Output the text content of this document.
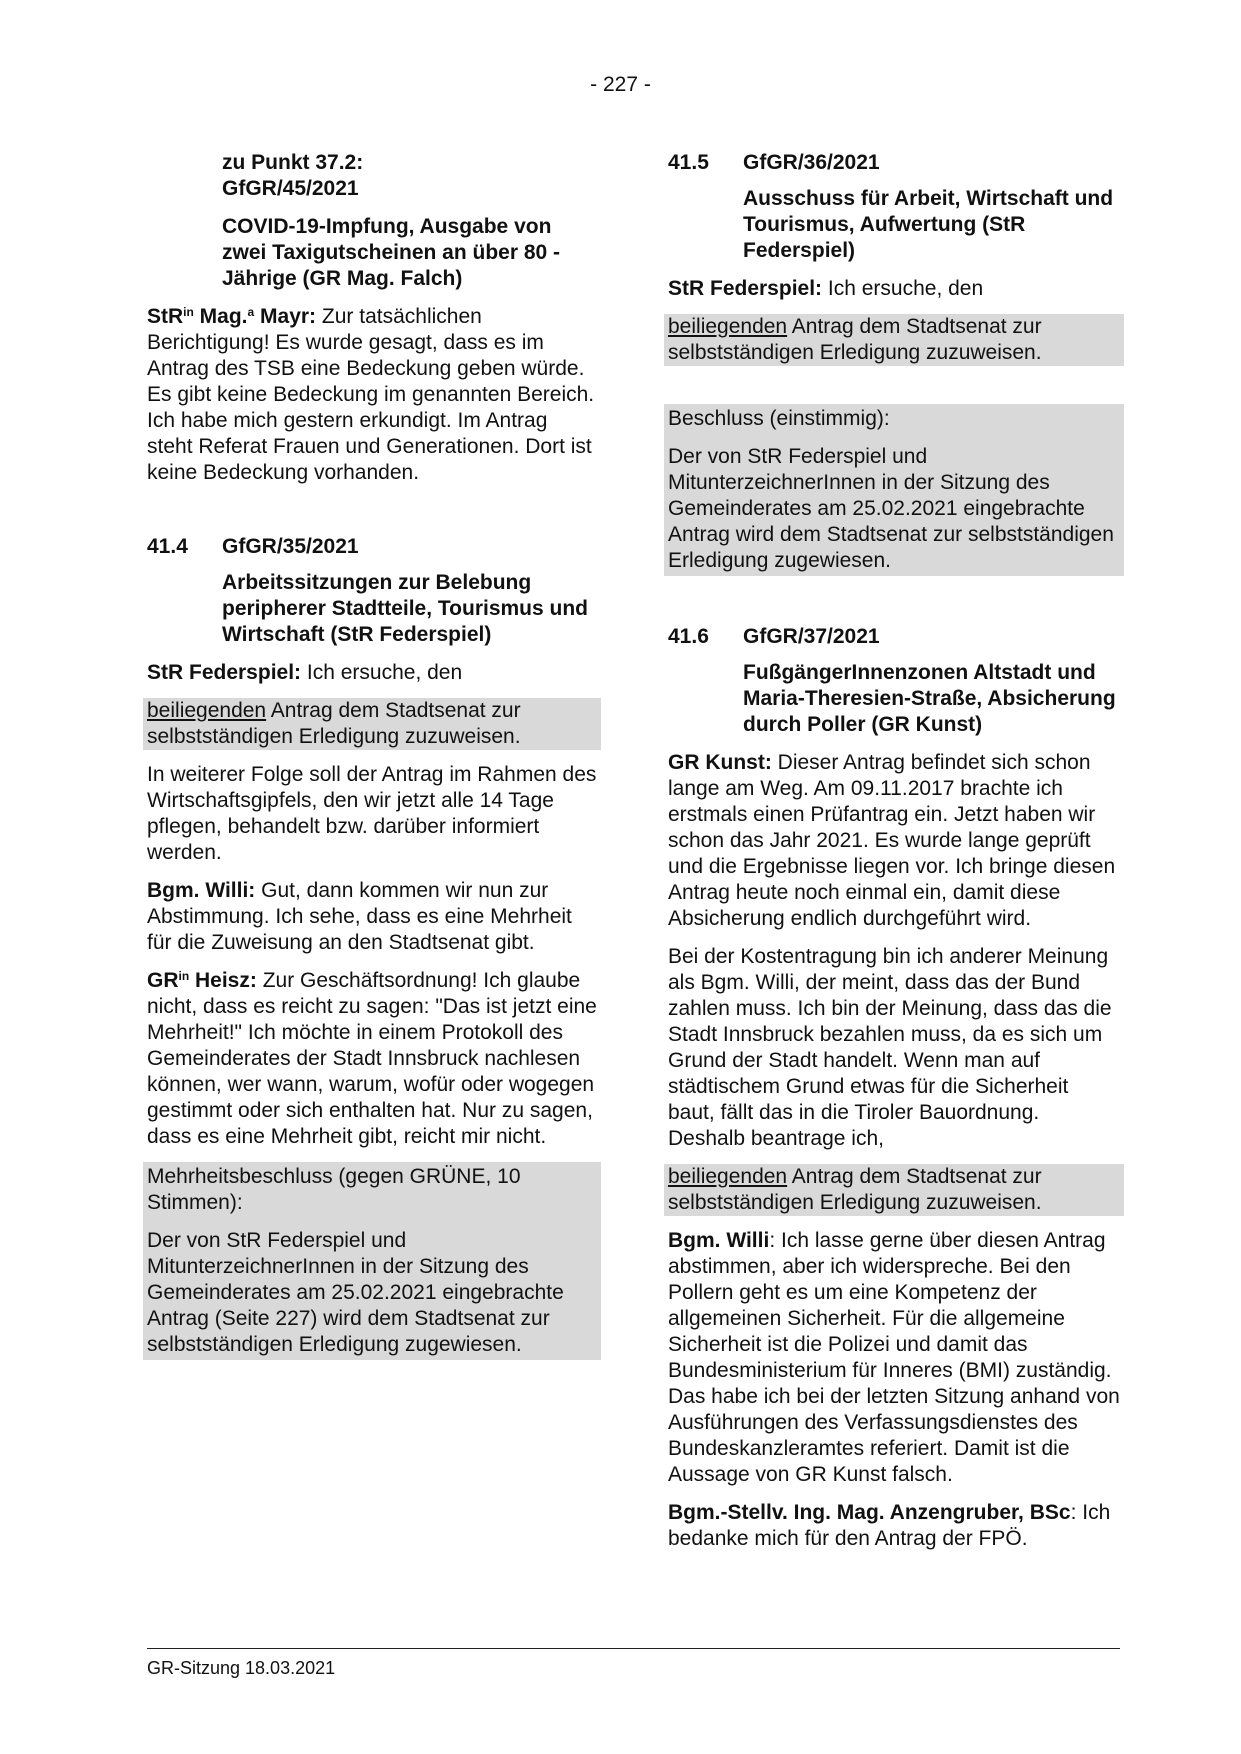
- 227 -
zu Punkt 37.2:
GfGR/45/2021
COVID-19-Impfung, Ausgabe von zwei Taxigutscheinen an über 80 - Jährige (GR Mag. Falch)

StR$^{in}$ Mag.$^a$ Mayr: Zur tatsächlichen Berichtigung! Es wurde gesagt, dass es im Antrag des TSB eine Bedeckung geben würde. Es gibt keine Bedeckung im genannten Bereich. Ich habe mich gestern erkundigt. Im Antrag steht Referat Frauen und Generationen. Dort ist keine Bedeckung vorhanden.

41.4 GfGR/35/2021
Arbeitssitzungen zur Belebung peripherer Stadtteile, Tourismus und Wirtschaft (StR Federspiel)

StR Federspiel: Ich ersuche, den

beiliegenden Antrag dem Stadtsenat zur selbstständigen Erledigung zuzuweisen.

In weiterer Folge soll der Antrag im Rahmen des Wirtschaftsgipfels, den wir jetzt alle 14 Tage pflegen, behandelt bzw. darüber informiert werden.

Bgm. Willi: Gut, dann kommen wir nun zur Abstimmung. Ich sehe, dass es eine Mehrheit für die Zuweisung an den Stadtsenat gibt.

$GR^{in}$ Heisz: Zur Geschäftsordnung! Ich glaube nicht, dass es reicht zu sagen: "Das ist jetzt eine Mehrheit!" Ich möchte in einem Protokoll des Gemeinderates der Stadt Innsbruck nachlesen können, wer wann, warum, wofür oder wogegen gestimmt oder sich enthalten hat. Nur zu sagen, dass es eine Mehrheit gibt, reicht mir nicht.

Mehrheitsbeschluss (gegen GRÜNE, 10 Stimmen):

Der von StR Federspiel und MitunterzeichnerInnen in der Sitzung des Gemeinderates am 25.02.2021 eingebrachte Antrag (Seite 227) wird dem Stadtsenat zur selbstständigen Erledigung zugewiesen.

41.5 GfGR/36/2021
Ausschuss für Arbeit, Wirtschaft und Tourismus, Aufwertung (StR Federspiel)

StR Federspiel: Ich ersuche, den

beiliegenden Antrag dem Stadtsenat zur selbstständigen Erledigung zuzuweisen.

Beschluss (einstimmig):

Der von StR Federspiel und MitunterzeichnerInnen in der Sitzung des Gemeinderates am 25.02.2021 eingebrachte Antrag wird dem Stadtsenat zur selbstständigen Erledigung zugewiesen.

41.6 GfGR/37/2021
FußgängerInnenzonen Altstadt und Maria-Theresien-Straße, Absicherung durch Poller (GR Kunst)

GR Kunst: Dieser Antrag befindet sich schon lange am Weg. Am 09.11.2017 brachte ich erstmals einen Prüfantrag ein. Jetzt haben wir schon das Jahr 2021. Es wurde lange geprüft und die Ergebnisse liegen vor. Ich bringe diesen Antrag heute noch einmal ein, damit diese Absicherung endlich durchgeführt wird.

Bei der Kostentragung bin ich anderer Meinung als Bgm. Willi, der meint, dass das der Bund zahlen muss. Ich bin der Meinung, dass das die Stadt Innsbruck bezahlen muss, da es sich um Grund der Stadt handelt. Wenn man auf städtischem Grund etwas für die Sicherheit baut, fällt das in die Tiroler Bauordnung. Deshalb beantrage ich,

beiliegenden Antrag dem Stadtsenat zur selbstständigen Erledigung zuzuweisen.

Bgm. Willi: Ich lasse gerne über diesen Antrag abstimmen, aber ich widerspreche. Bei den Pollern geht es um eine Kompetenz der allgemeinen Sicherheit. Für die allgemeine Sicherheit ist die Polizei und damit das Bundesministerium für Inneres (BMI) zuständig. Das habe ich bei der letzten Sitzung anhand von Ausführungen des Verfassungsdienstes des Bundeskanzleramtes referiert. Damit ist die Aussage von GR Kunst falsch.

Bgm.-Stellv. Ing. Mag. Anzengruber, BSc: Ich bedanke mich für den Antrag der FPÖ.

GR-Sitzung 18.03.2021
